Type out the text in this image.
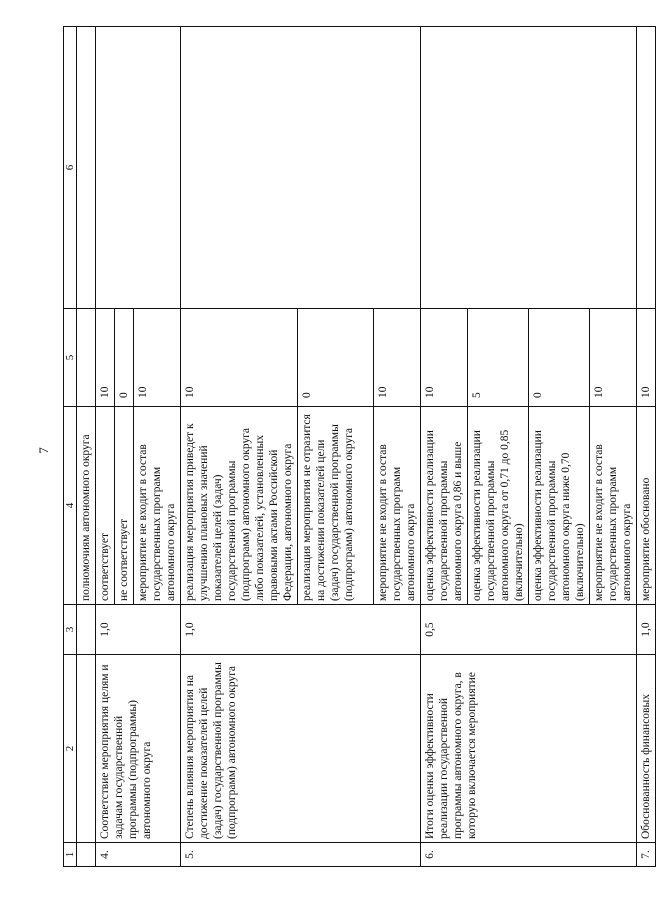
7
1	2	3	4	5	6
			полномочиям автономного округа		
4.	Соответствие мероприятия целям и задачам государственной программы (подпрограммы) автономного округа	1,0	соответствует	10	
			не соответствует	0	
			мероприятие не входит в состав государственных программ автономного округа	10	
5.	Степень влияния мероприятия на достижение показателей целей (задач) государственной программы (подпрограмм) автономного округа	1,0	реализация мероприятия приведет к улучшению плановых значений показателей целей (задач) государственной программы (подпрограмм) автономного округа либо показателей, установленных правовыми актами Российской Федерации, автономного округа	10	
			реализация мероприятия не отразится на достижении показателей цели (задач) государственной программы (подпрограмм) автономного округа	0	
			мероприятие не входит в состав государственных программ автономного округа	10	
6.	Итоги оценки эффективности реализации государственной программы автономного округа, в которую включается мероприятие	0,5	оценка эффективности реализации государственной программы автономного округа 0,86 и выше	10	
			оценка эффективности реализации государственной программы автономного округа от 0,71 до 0,85 (включительно)	5	
			оценка эффективности реализации государственной программы автономного округа ниже 0,70 (включительно)	0	
			мероприятие не входит в состав государственных программ автономного округа	10	
7.	Обоснованность финансовых	1,0	мероприятие обосновано	10	
